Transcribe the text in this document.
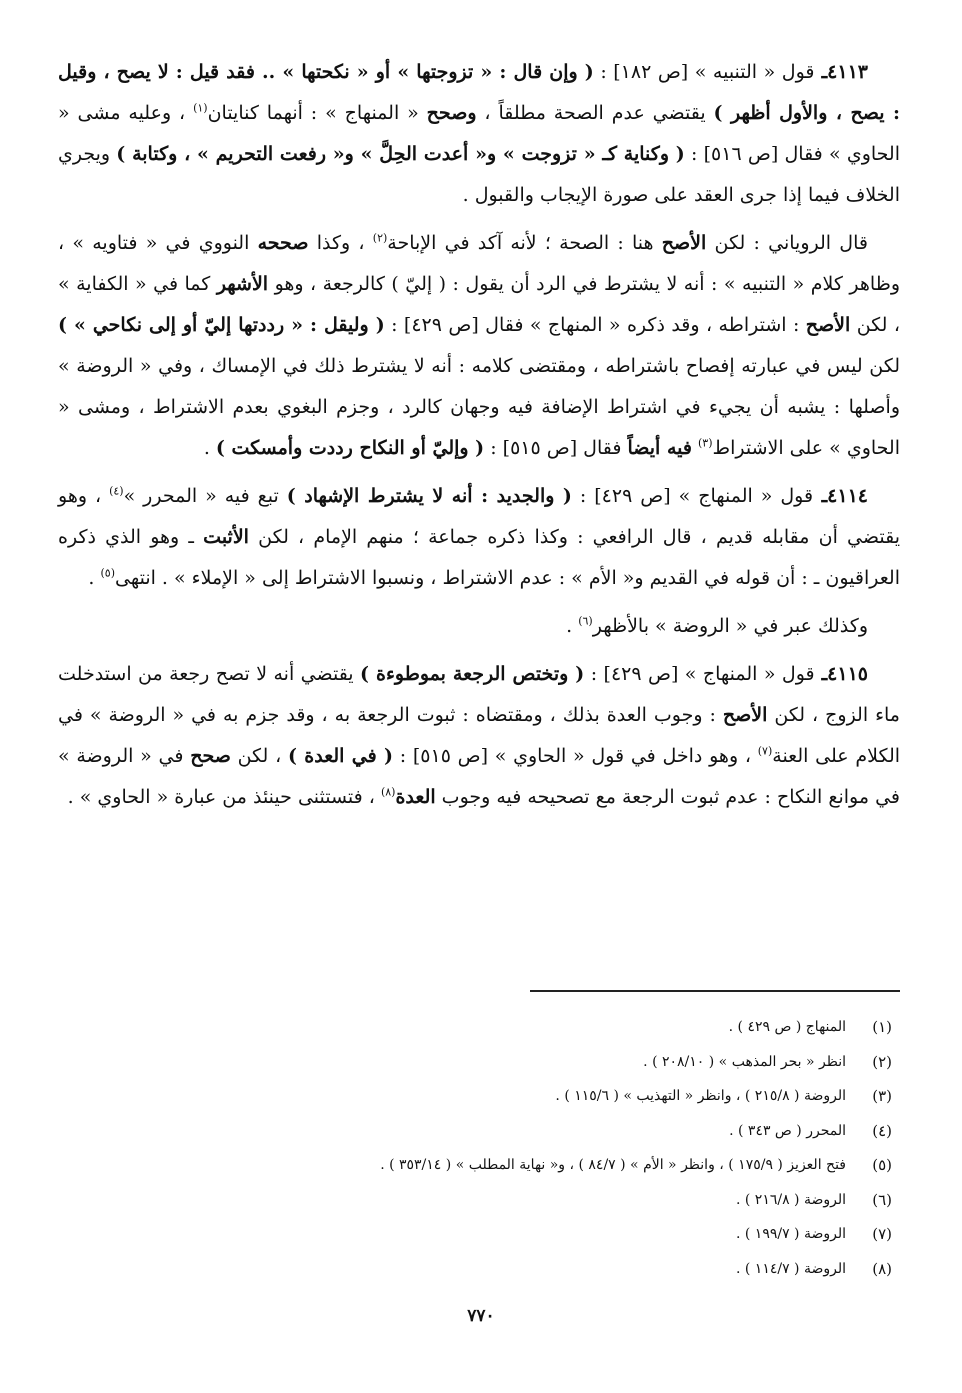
٤١١٣ـ قول « التنبيه » [ص ١٨٢] : ( وإن قال : « تزوجتها » أو « نكحتها » .. فقد قيل : لا يصح ، وقيل : يصح ، والأول أظهر ) يقتضي عدم الصحة مطلقاً ، وصحح « المنهاج » : أنهما كنايتان$^{(١)}$ ، وعليه مشى « الحاوي » فقال [ص ٥١٦] : ( وكناية كـ « تزوجت » و« أعدت الحِلَّ » و« رفعت التحريم » ، وكتابة ) ويجري الخلاف فيما إذا جرى العقد على صورة الإيجاب والقبول .

قال الروياني : لكن الأصح هنا : الصحة ؛ لأنه آكد في الإباحة$^{(٢)}$ ، وكذا صححه النووي في « فتاويه » ، وظاهر كلام « التنبيه » : أنه لا يشترط في الرد أن يقول : ( إليّ ) كالرجعة ، وهو الأشهر كما في « الكفاية » ، لكن الأصح : اشتراطه ، وقد ذكره « المنهاج » فقال [ص ٤٢٩] : ( وليقل : « رددتها إليّ أو إلى نكاحي » ) لكن ليس في عبارته إفصاح باشتراطه ، ومقتضى كلامه : أنه لا يشترط ذلك في الإمساك ، وفي « الروضة » وأصلها : يشبه أن يجيء في اشتراط الإضافة فيه وجهان كالرد ، وجزم البغوي بعدم الاشتراط ، ومشى « الحاوي » على الاشتراط$^{(٣)}$ فيه أيضاً فقال [ص ٥١٥] : ( وإليّ أو النكاح رددت وأمسكت ) .

٤١١٤ـ قول « المنهاج » [ص ٤٢٩] : ( والجديد : أنه لا يشترط الإشهاد ) تبع فيه « المحرر »$^{(٤)}$ ، وهو يقتضي أن مقابله قديم ، قال الرافعي : وكذا ذكره جماعة ؛ منهم الإمام ، لكن الأثبت ـ وهو الذي ذكره العراقيون ـ : أن قوله في القديم و« الأم » : عدم الاشتراط ، ونسبوا الاشتراط إلى « الإملاء » . انتهى$^{(٥)}$ .

وكذلك عبر في « الروضة » بالأظهر$^{(٦)}$ .

٤١١٥ـ قول « المنهاج » [ص ٤٢٩] : ( وتختص الرجعة بموطوءة ) يقتضي أنه لا تصح رجعة من استدخلت ماء الزوج ، لكن الأصح : وجوب العدة بذلك ، ومقتضاه : ثبوت الرجعة به ، وقد جزم به في « الروضة » في الكلام على العنة$^{(٧)}$ ، وهو داخل في قول « الحاوي » [ص ٥١٥] : ( في العدة ) ، لكن صحح في « الروضة » في موانع النكاح : عدم ثبوت الرجعة مع تصحيحه فيه وجوب العدة$^{(٨)}$ ، فتستثنى حينئذ من عبارة « الحاوي » .

(١)
المنهاج ( ص ٤٢٩ ) .
(٢)
انظر « بحر المذهب » ( ٢٠٨/١٠ ) .
(٣)
الروضة ( ٢١٥/٨ ) ، وانظر « التهذيب » ( ١١٥/٦ ) .
(٤)
المحرر ( ص ٣٤٣ ) .
(٥)
فتح العزيز ( ١٧٥/٩ ) ، وانظر « الأم » ( ٨٤/٧ ) ، و« نهاية المطلب » ( ٣٥٣/١٤ ) .
(٦)
الروضة ( ٢١٦/٨ ) .
(٧)
الروضة ( ١٩٩/٧ ) .
(٨)
الروضة ( ١١٤/٧ ) .
٧٧٠
